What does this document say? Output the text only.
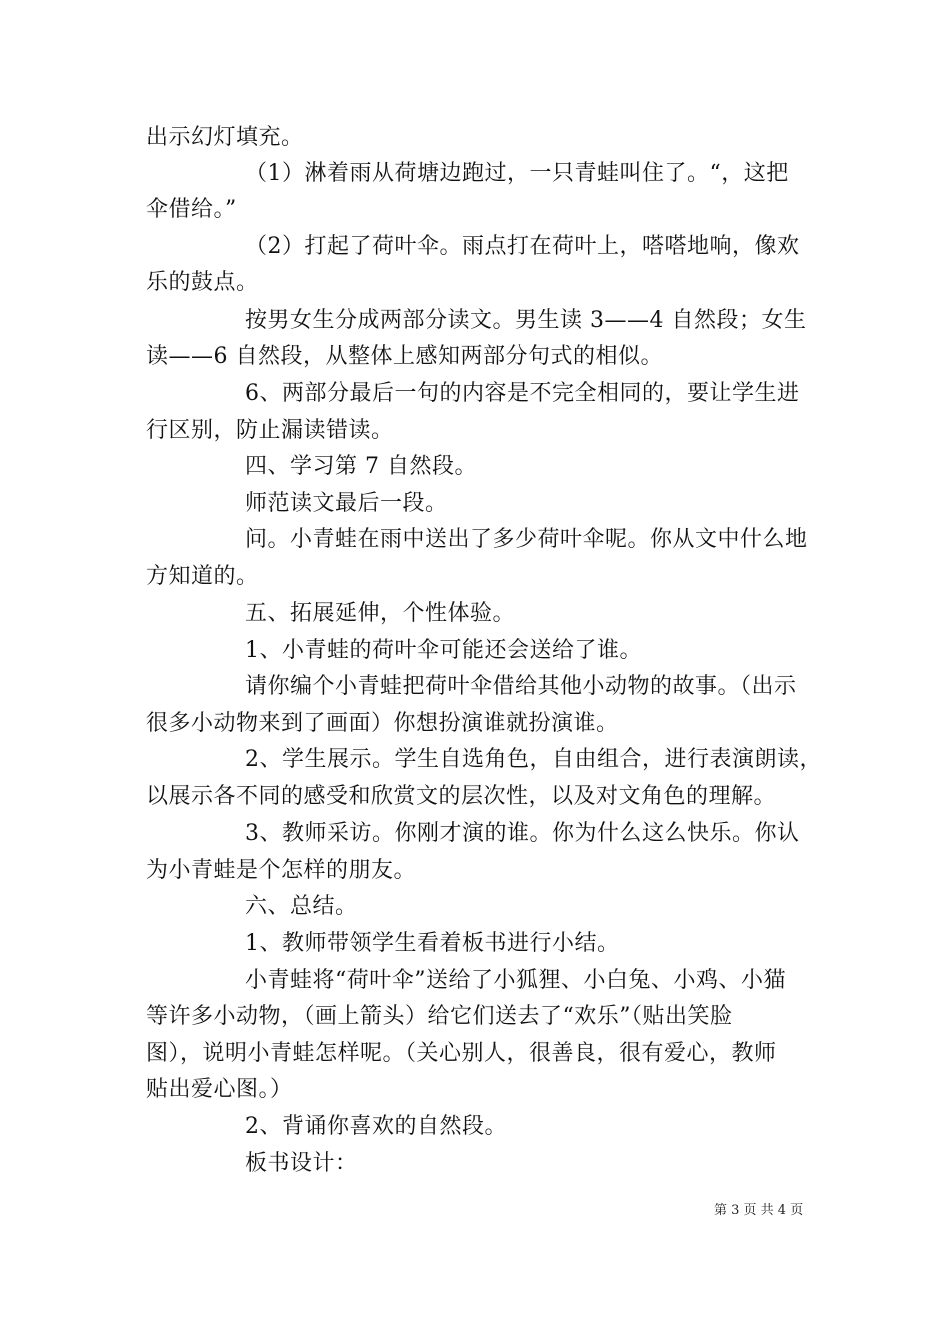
出示幻灯填充。
（1）淋着雨从荷塘边跑过，一只青蛙叫住了。“，这把
伞借给。”
（2）打起了荷叶伞。雨点打在荷叶上，嗒嗒地响，像欢
乐的鼓点。
按男女生分成两部分读文。男生读 3——4 自然段；女生
读——6 自然段，从整体上感知两部分句式的相似。
6、两部分最后一句的内容是不完全相同的，要让学生进
行区别，防止漏读错读。
四、学习第 7 自然段。
师范读文最后一段。
问。小青蛙在雨中送出了多少荷叶伞呢。你从文中什么地
方知道的。
五、拓展延伸，个性体验。
1、小青蛙的荷叶伞可能还会送给了谁。
请你编个小青蛙把荷叶伞借给其他小动物的故事。（出示
很多小动物来到了画面）你想扮演谁就扮演谁。
2、学生展示。学生自选角色，自由组合，进行表演朗读，
以展示各不同的感受和欣赏文的层次性，以及对文角色的理解。
3、教师采访。你刚才演的谁。你为什么这么快乐。你认
为小青蛙是个怎样的朋友。
六、总结。
1、教师带领学生看着板书进行小结。
小青蛙将“荷叶伞”送给了小狐狸、小白兔、小鸡、小猫
等许多小动物，（画上箭头）给它们送去了“欢乐”（贴出笑脸
图），说明小青蛙怎样呢。（关心别人，很善良，很有爱心，教师
贴出爱心图。）
2、背诵你喜欢的自然段。
板书设计：
第 3 页 共 4 页
